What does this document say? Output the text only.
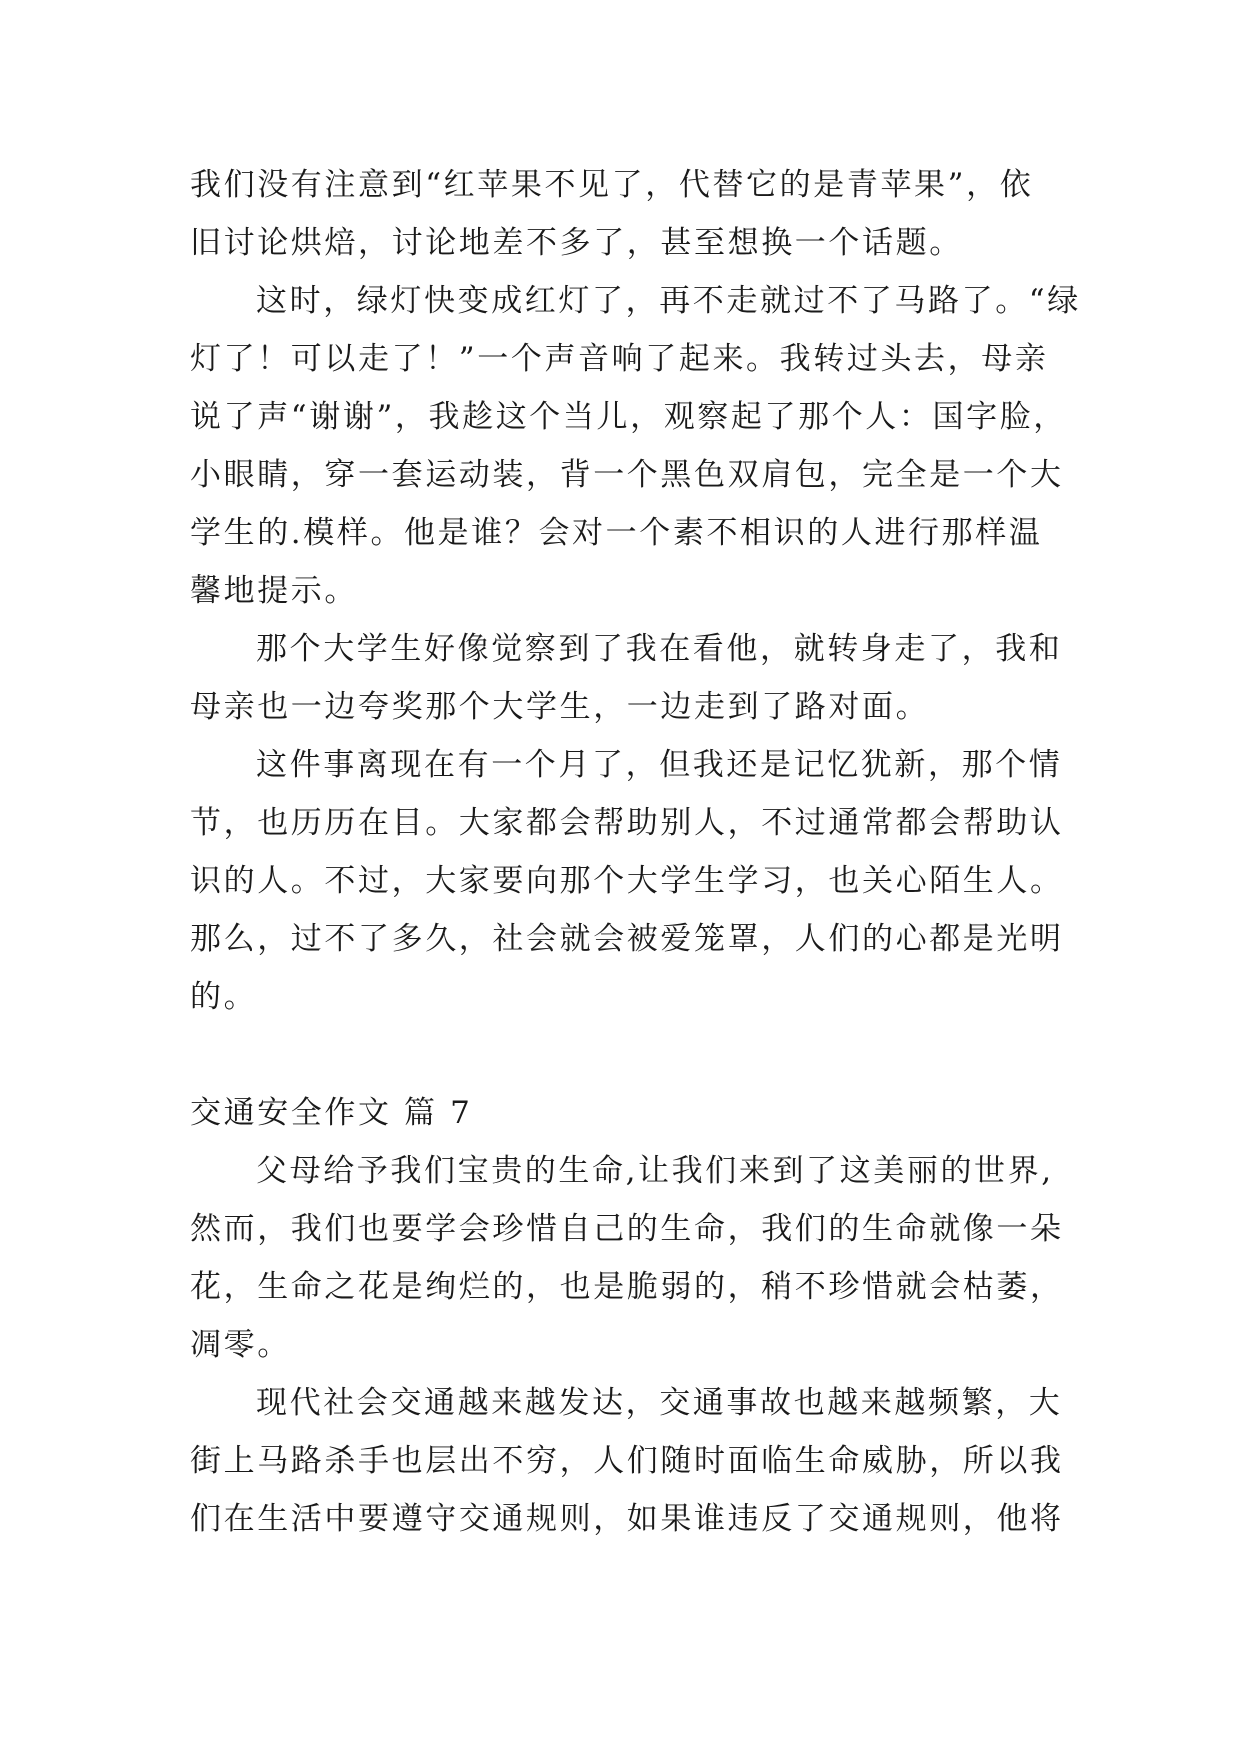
我们没有注意到“红苹果不见了，代替它的是青苹果”，依
旧讨论烘焙，讨论地差不多了，甚至想换一个话题。
这时，绿灯快变成红灯了，再不走就过不了马路了。“绿
灯了！可以走了！”一个声音响了起来。我转过头去，母亲
说了声“谢谢”，我趁这个当儿，观察起了那个人：国字脸，
小眼睛，穿一套运动装，背一个黑色双肩包，完全是一个大
学生的.模样。他是谁？会对一个素不相识的人进行那样温
馨地提示。
那个大学生好像觉察到了我在看他，就转身走了，我和
母亲也一边夸奖那个大学生，一边走到了路对面。
这件事离现在有一个月了，但我还是记忆犹新，那个情
节，也历历在目。大家都会帮助别人，不过通常都会帮助认
识的人。不过，大家要向那个大学生学习，也关心陌生人。
那么，过不了多久，社会就会被爱笼罩，人们的心都是光明
的。
交通安全作文 篇 7
父母给予我们宝贵的生命,让我们来到了这美丽的世界,
然而，我们也要学会珍惜自己的生命，我们的生命就像一朵
花，生命之花是绚烂的，也是脆弱的，稍不珍惜就会枯萎，
凋零。
现代社会交通越来越发达，交通事故也越来越频繁，大
街上马路杀手也层出不穷，人们随时面临生命威胁，所以我
们在生活中要遵守交通规则，如果谁违反了交通规则，他将
